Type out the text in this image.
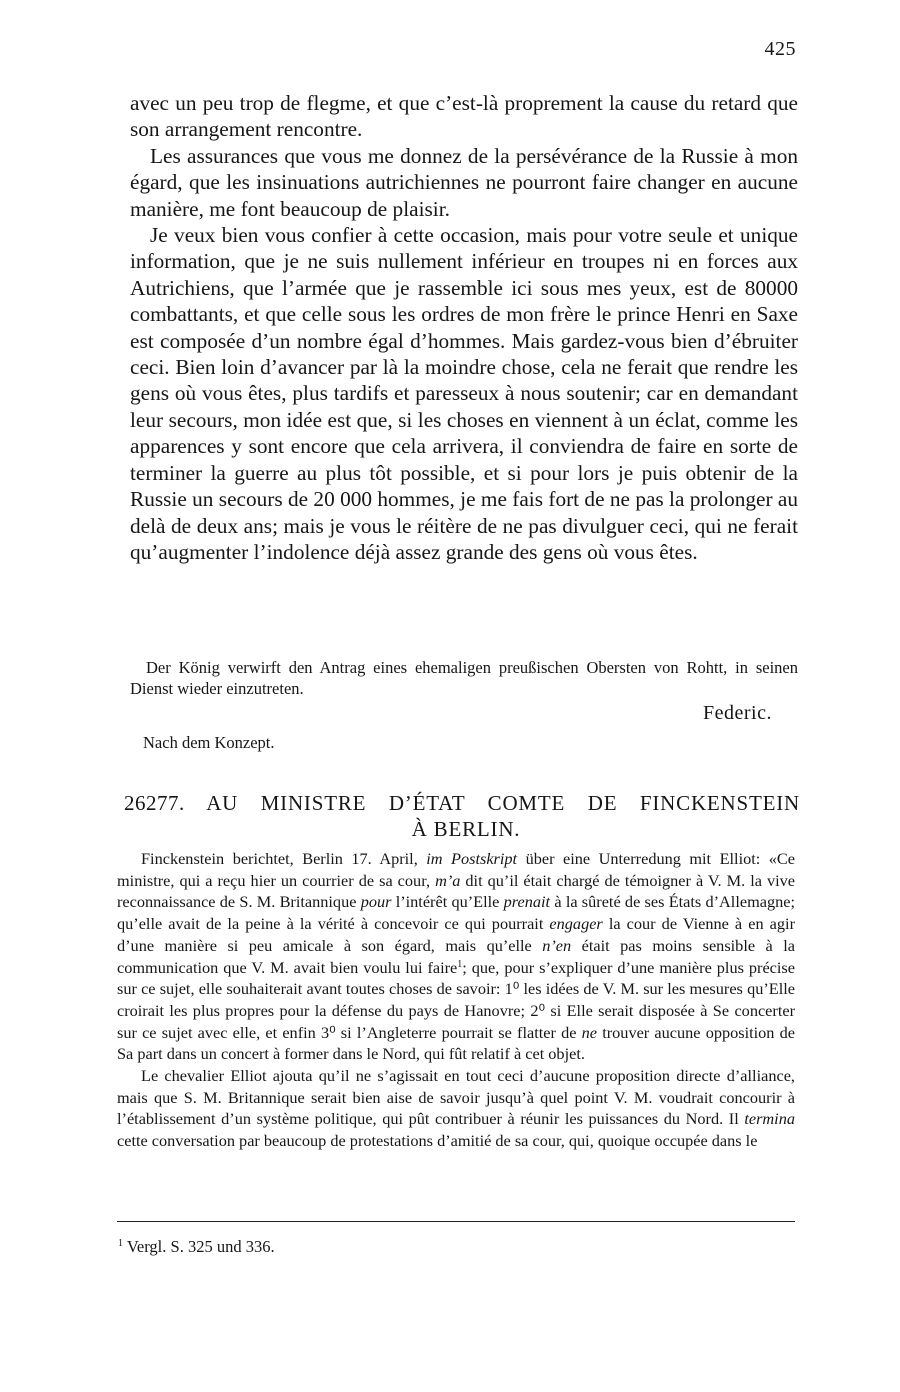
425

avec un peu trop de flegme, et que c’est-là proprement la cause du retard que son arrangement rencontre.

Les assurances que vous me donnez de la persévérance de la Russie à mon égard, que les insinuations autrichiennes ne pourront faire changer en aucune manière, me font beaucoup de plaisir.

Je veux bien vous confier à cette occasion, mais pour votre seule et unique information, que je ne suis nullement inférieur en troupes ni en forces aux Autrichiens, que l’armée que je rassemble ici sous mes yeux, est de 80000 combattants, et que celle sous les ordres de mon frère le prince Henri en Saxe est composée d’un nombre égal d’hommes. Mais gardez-vous bien d’ébruiter ceci. Bien loin d’avancer par là la moindre chose, cela ne ferait que rendre les gens où vous êtes, plus tardifs et paresseux à nous soutenir; car en demandant leur secours, mon idée est que, si les choses en viennent à un éclat, comme les apparences y sont encore que cela arrivera, il conviendra de faire en sorte de terminer la guerre au plus tôt possible, et si pour lors je puis obtenir de la Russie un secours de 20 000 hommes, je me fais fort de ne pas la prolonger au delà de deux ans; mais je vous le réitère de ne pas divulguer ceci, qui ne ferait qu’augmenter l’indolence déjà assez grande des gens où vous êtes.

Der König verwirft den Antrag eines ehemaligen preußischen Obersten von Rohtt, in seinen Dienst wieder einzutreten.
Federic.
Nach dem Konzept.
26277. AU MINISTRE D’ÉTAT COMTE DE FINCKENSTEIN
À BERLIN.

Finckenstein berichtet, Berlin 17. April, im Postskript über eine Unterredung mit Elliot: «Ce ministre, qui a reçu hier un courrier de sa cour, m’a dit qu’il était chargé de témoigner à V. M. la vive reconnaissance de S. M. Britannique pour l’intérêt qu’Elle prenait à la sûreté de ses États d’Allemagne; qu’elle avait de la peine à la vérité à concevoir ce qui pourrait engager la cour de Vienne à en agir d’une manière si peu amicale à son égard, mais qu’elle n’en était pas moins sensible à la communication que V. M. avait bien voulu lui faire$^1$; que, pour s’expliquer d’une manière plus précise sur ce sujet, elle souhaiterait avant toutes choses de savoir: 1⁰ les idées de V. M. sur les mesures qu’Elle croirait les plus propres pour la défense du pays de Hanovre; 2⁰ si Elle serait disposée à Se concerter sur ce sujet avec elle, et enfin 3⁰ si l’Angleterre pourrait se flatter de ne trouver aucune opposition de Sa part dans un concert à former dans le Nord, qui fût relatif à cet objet.

Le chevalier Elliot ajouta qu’il ne s’agissait en tout ceci d’aucune proposition directe d’alliance, mais que S. M. Britannique serait bien aise de savoir jusqu’à quel point V. M. voudrait concourir à l’établissement d’un système politique, qui pût contribuer à réunir les puissances du Nord. Il termina cette conversation par beaucoup de protestations d’amitié de sa cour, qui, quoique occupée dans le

$^1$ Vergl. S. 325 und 336.
